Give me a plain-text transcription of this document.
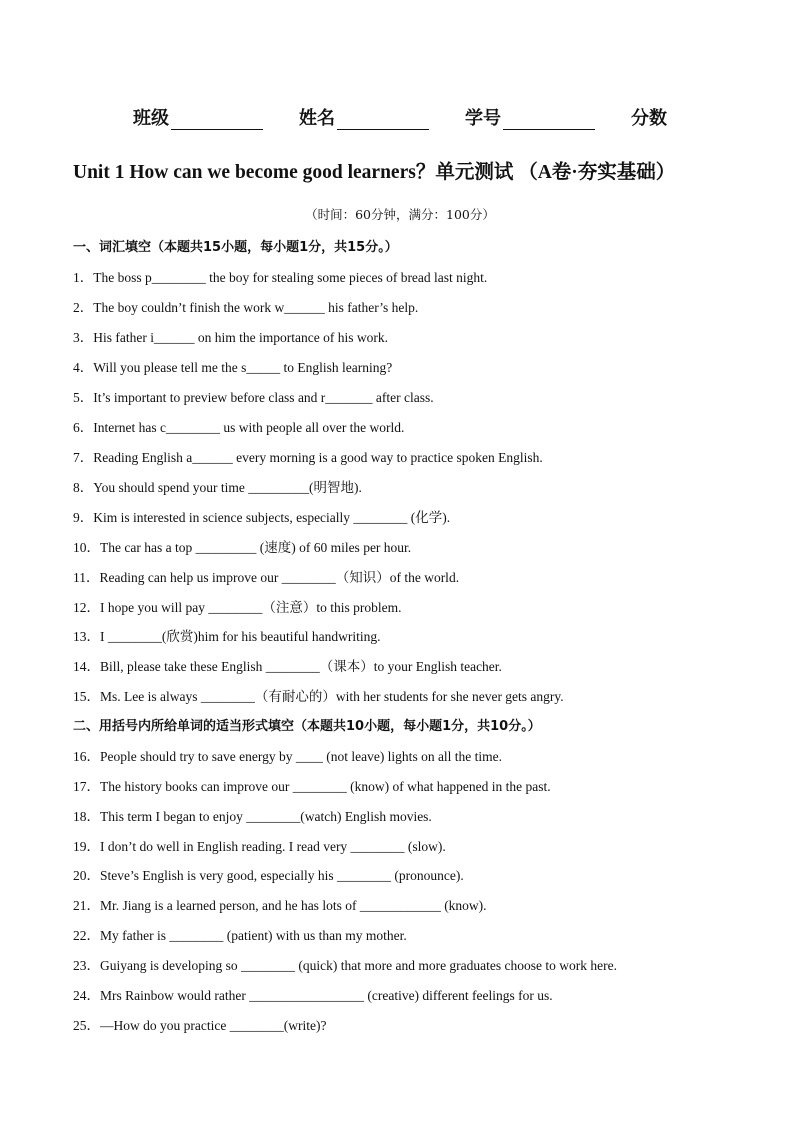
班级	姓名	学号	分数
Unit 1 How can we become good learners？单元测试 （A卷·夯实基础）
（时间：60分钟，满分：100分）
一、词汇填空（本题共15小题，每小题1分，共15分。）
1．The boss p________ the boy for stealing some pieces of bread last night.
2．The boy couldn’t finish the work w______ his father’s help.
3．His father i______ on him the importance of his work.
4．Will you please tell me the s_____ to English learning?
5．It’s important to preview before class and r_______ after class.
6．Internet has c________ us with people all over the world.
7．Reading English a______ every morning is a good way to practice spoken English.
8．You should spend your time _________(明智地).
9．Kim is interested in science subjects, especially ________ (化学).
10．The car has a top _________ (速度) of 60 miles per hour.
11．Reading can help us improve our ________（知识）of the world.
12．I hope you will pay ________（注意）to this problem.
13．I ________(欣赏)him for his beautiful handwriting.
14．Bill, please take these English ________（课本）to your English teacher.
15．Ms. Lee is always ________（有耐心的）with her students for she never gets angry.
二、用括号内所给单词的适当形式填空（本题共10小题，每小题1分，共10分。）
16．People should try to save energy by ____ (not leave) lights on all the time.
17．The history books can improve our ________ (know) of what happened in the past.
18．This term I began to enjoy ________(watch) English movies.
19．I don’t do well in English reading. I read very ________ (slow).
20．Steve’s English is very good, especially his ________ (pronounce).
21．Mr. Jiang is a learned person, and he has lots of ____________ (know).
22．My father is ________ (patient) with us than my mother.
23．Guiyang is developing so ________ (quick) that more and more graduates choose to work here.
24．Mrs Rainbow would rather _________________ (creative) different feelings for us.
25．—How do you practice ________(write)?
